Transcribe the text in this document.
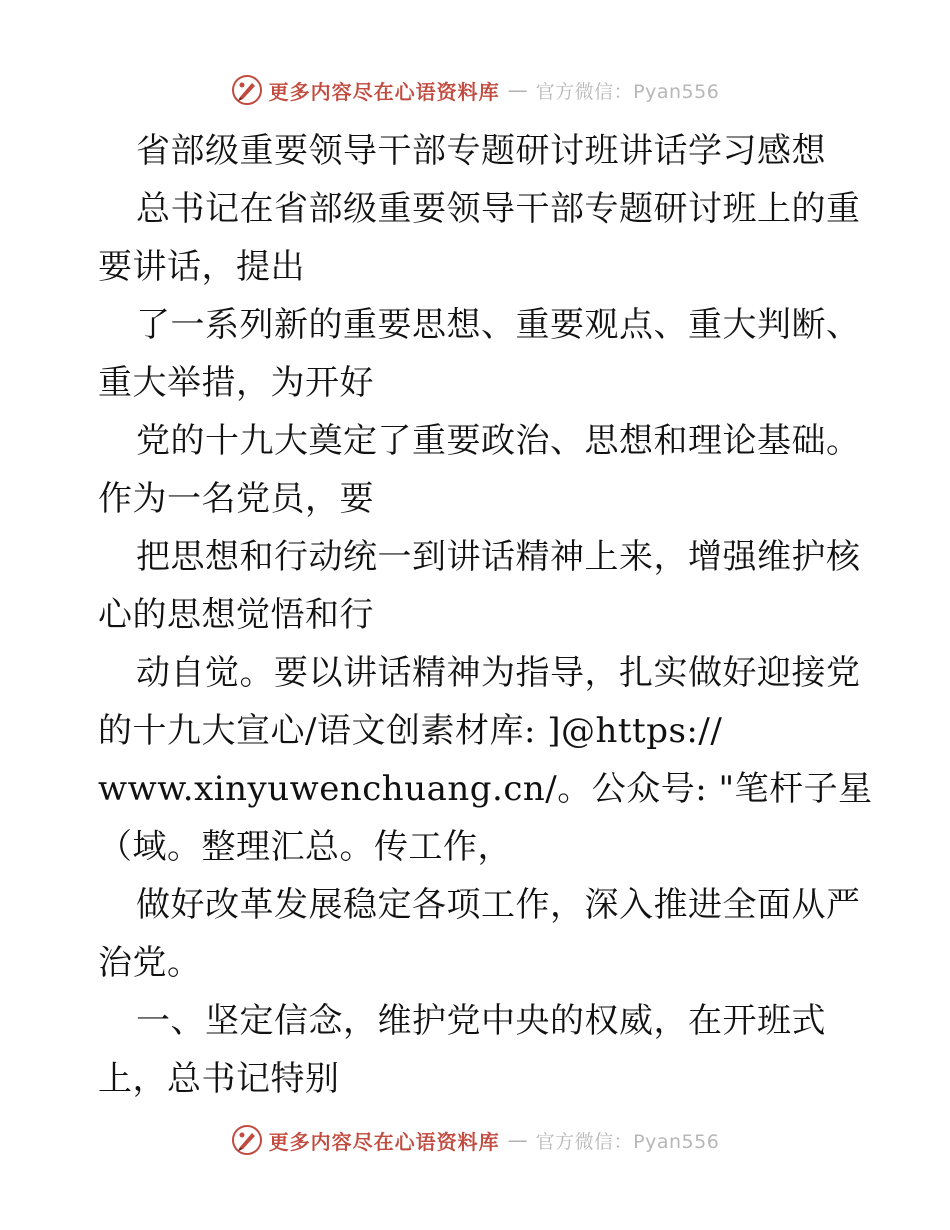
更多内容尽在心语资料库 — 官方微信：Pyan556
省部级重要领导干部专题研讨班讲话学习感想
总书记在省部级重要领导干部专题研讨班上的重
要讲话，提出
了一系列新的重要思想、重要观点、重大判断、
重大举措，为开好
党的十九大奠定了重要政治、思想和理论基础。
作为一名党员，要
把思想和行动统一到讲话精神上来，增强维护核
心的思想觉悟和行
动自觉。要以讲话精神为指导，扎实做好迎接党
的十九大宣心/语文创素材库: ]@https://
www.xinyuwenchuang.cn/。公众号: "笔杆子星
（域。整理汇总。传工作，
做好改革发展稳定各项工作，深入推进全面从严
治党。
一、坚定信念，维护党中央的权威，在开班式
上，总书记特别
更多内容尽在心语资料库 — 官方微信：Pyan556
